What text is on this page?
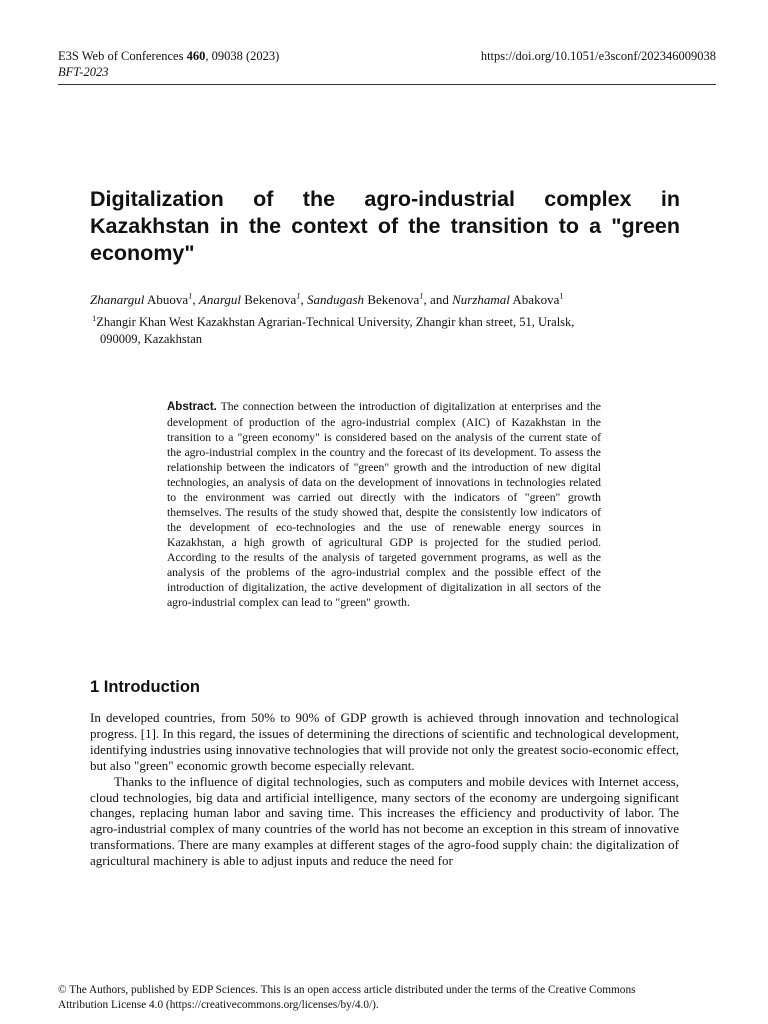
E3S Web of Conferences 460, 09038 (2023)	https://doi.org/10.1051/e3sconf/202346009038
BFT-2023
Digitalization of the agro-industrial complex in Kazakhstan in the context of the transition to a "green economy"
Zhanargul Abuova$^1$, Anargul Bekenova$^1$, Sandugash Bekenova$^1$, and Nurzhamal Abakova$^1$
$^1$Zhangir Khan West Kazakhstan Agrarian-Technical University, Zhangir khan street, 51, Uralsk,
090009, Kazakhstan

Abstract. The connection between the introduction of digitalization at enterprises and the development of production of the agro-industrial complex (AIC) of Kazakhstan in the transition to a "green economy" is considered based on the analysis of the current state of the agro-industrial complex in the country and the forecast of its development. To assess the relationship between the indicators of "green" growth and the introduction of new digital technologies, an analysis of data on the development of innovations in technologies related to the environment was carried out directly with the indicators of "green" growth themselves. The results of the study showed that, despite the consistently low indicators of the development of eco-technologies and the use of renewable energy sources in Kazakhstan, a high growth of agricultural GDP is projected for the studied period. According to the results of the analysis of targeted government programs, as well as the analysis of the problems of the agro-industrial complex and the possible effect of the introduction of digitalization, the active development of digitalization in all sectors of the agro-industrial complex can lead to "green" growth.

1 Introduction

In developed countries, from 50% to 90% of GDP growth is achieved through innovation and technological progress. [1]. In this regard, the issues of determining the directions of scientific and technological development, identifying industries using innovative technologies that will provide not only the greatest socio-economic effect, but also "green" economic growth become especially relevant.

Thanks to the influence of digital technologies, such as computers and mobile devices with Internet access, cloud technologies, big data and artificial intelligence, many sectors of the economy are undergoing significant changes, replacing human labor and saving time. This increases the efficiency and productivity of labor. The agro-industrial complex of many countries of the world has not become an exception in this stream of innovative transformations. There are many examples at different stages of the agro-food supply chain: the digitalization of agricultural machinery is able to adjust inputs and reduce the need for

© The Authors, published by EDP Sciences. This is an open access article distributed under the terms of the Creative Commons
Attribution License 4.0 (https://creativecommons.org/licenses/by/4.0/).
